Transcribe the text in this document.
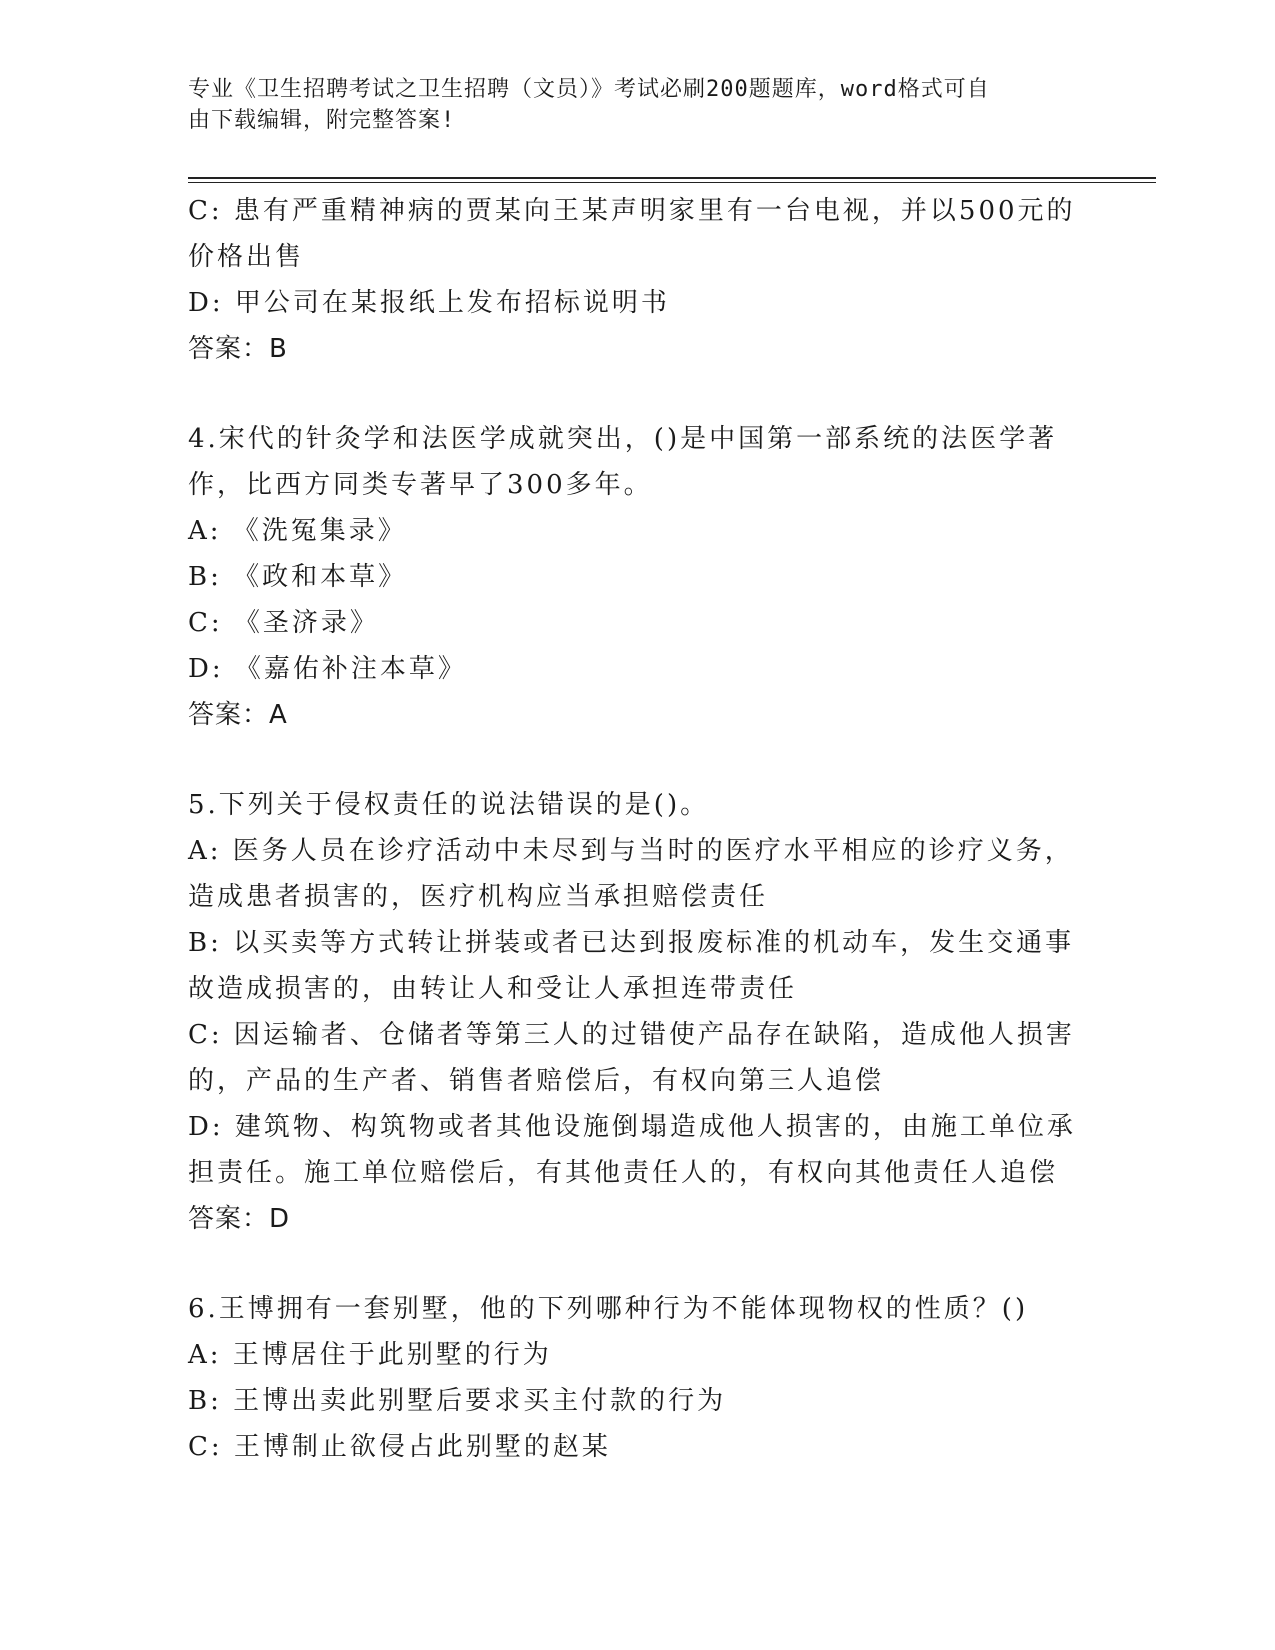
专业《卫生招聘考试之卫生招聘（文员）》考试必刷200题题库，word格式可自
由下载编辑，附完整答案!
C: 患有严重精神病的贾某向王某声明家里有一台电视，并以500元的
价格出售
D: 甲公司在某报纸上发布招标说明书
答案：B
4.宋代的针灸学和法医学成就突出，()是中国第一部系统的法医学著
作，比西方同类专著早了300多年。
A: 《洗冤集录》
B: 《政和本草》
C: 《圣济录》
D: 《嘉佑补注本草》
答案：A
5.下列关于侵权责任的说法错误的是()。
A: 医务人员在诊疗活动中未尽到与当时的医疗水平相应的诊疗义务，
造成患者损害的，医疗机构应当承担赔偿责任
B: 以买卖等方式转让拼装或者已达到报废标准的机动车，发生交通事
故造成损害的，由转让人和受让人承担连带责任
C: 因运输者、仓储者等第三人的过错使产品存在缺陷，造成他人损害
的，产品的生产者、销售者赔偿后，有权向第三人追偿
D: 建筑物、构筑物或者其他设施倒塌造成他人损害的，由施工单位承
担责任。施工单位赔偿后，有其他责任人的，有权向其他责任人追偿
答案：D
6.王博拥有一套别墅，他的下列哪种行为不能体现物权的性质？()
A: 王博居住于此别墅的行为
B: 王博出卖此别墅后要求买主付款的行为
C: 王博制止欲侵占此别墅的赵某
